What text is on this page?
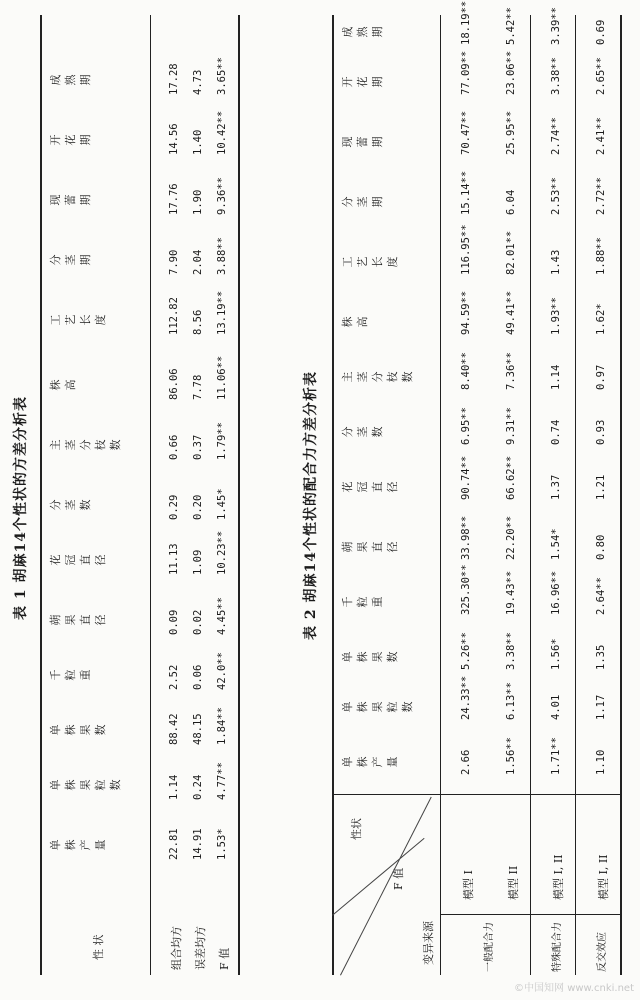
表 1 胡麻14个性状的方差分析表
性 状
单株产量
单株果粒数
单株果数
千粒重
蒴果直径
花冠直径
分茎数
主茎分枝数
株高
工艺长度
分茎期
现蕾期
开花期
成熟期
组合均方
22.81
1.14
88.42
2.52
0.09
11.13
0.29
0.66
86.06
112.82
7.90
17.76
14.56
17.28
误差均方
14.91
0.24
48.15
0.06
0.02
1.09
0.20
0.37
7.78
8.56
2.04
1.90
1.40
4.73
F 值
1.53*
4.77**
1.84**
42.0**
4.45**
10.23**
1.45*
1.79**
11.06**
13.19**
3.88**
9.36**
10.42**
3.65**
表 2 胡麻14个性状的配合力方差分析表
性状
F 值
变异来源
单株产量
单株果粒数
单株果数
千粒重
蒴果直径
花冠直径
分茎数
主茎分枝数
株高
工艺长度
分茎期
现蕾期
开花期
成熟期
模型 I
2.66
24.33**
5.26**
325.30**
33.98**
90.74**
6.95**
8.40**
94.59**
116.95**
15.14**
70.47**
77.09**
18.19**
模型 II
1.56**
6.13**
3.38**
19.43**
22.20**
66.62**
9.31**
7.36**
49.41**
82.01**
6.04
25.95**
23.06**
5.42**
模型 I, II
1.71**
4.01
1.56*
16.96**
1.54*
1.37
0.74
1.14
1.93**
1.43
2.53**
2.74**
3.38**
3.39**
模型 I, II
1.10
1.17
1.35
2.64**
0.80
1.21
0.93
0.97
1.62*
1.88**
2.72**
2.41**
2.65**
0.69
一般配合力	特殊配合力	反交效应
©中国知网 www.cnki.net
